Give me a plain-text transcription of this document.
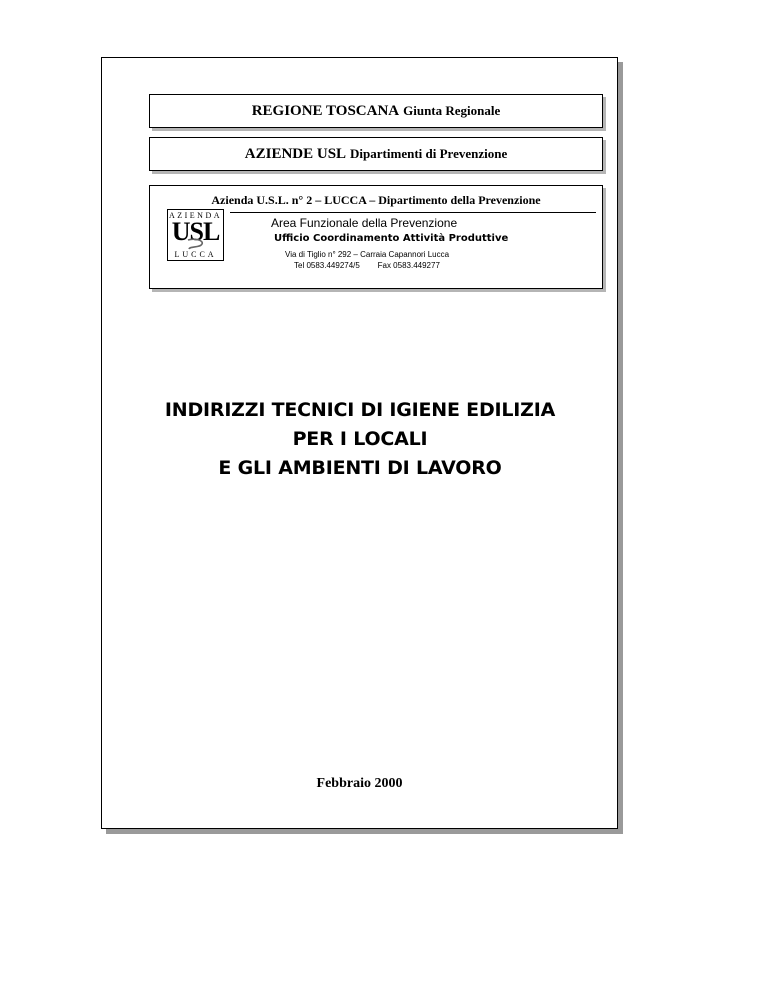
REGIONE TOSCANA Giunta Regionale
AZIENDE USL Dipartimenti di Prevenzione
Azienda U.S.L. n° 2 – LUCCA – Dipartimento della Prevenzione
AZIENDA
USL
LUCCA
Area Funzionale della Prevenzione
Ufficio Coordinamento Attività Produttive
Via di Tiglio n° 292 – Carraia Capannori Lucca
Tel 0583.449274/5 Fax 0583.449277
INDIRIZZI TECNICI DI IGIENE EDILIZIA
PER I LOCALI
E GLI AMBIENTI DI LAVORO
Febbraio 2000
